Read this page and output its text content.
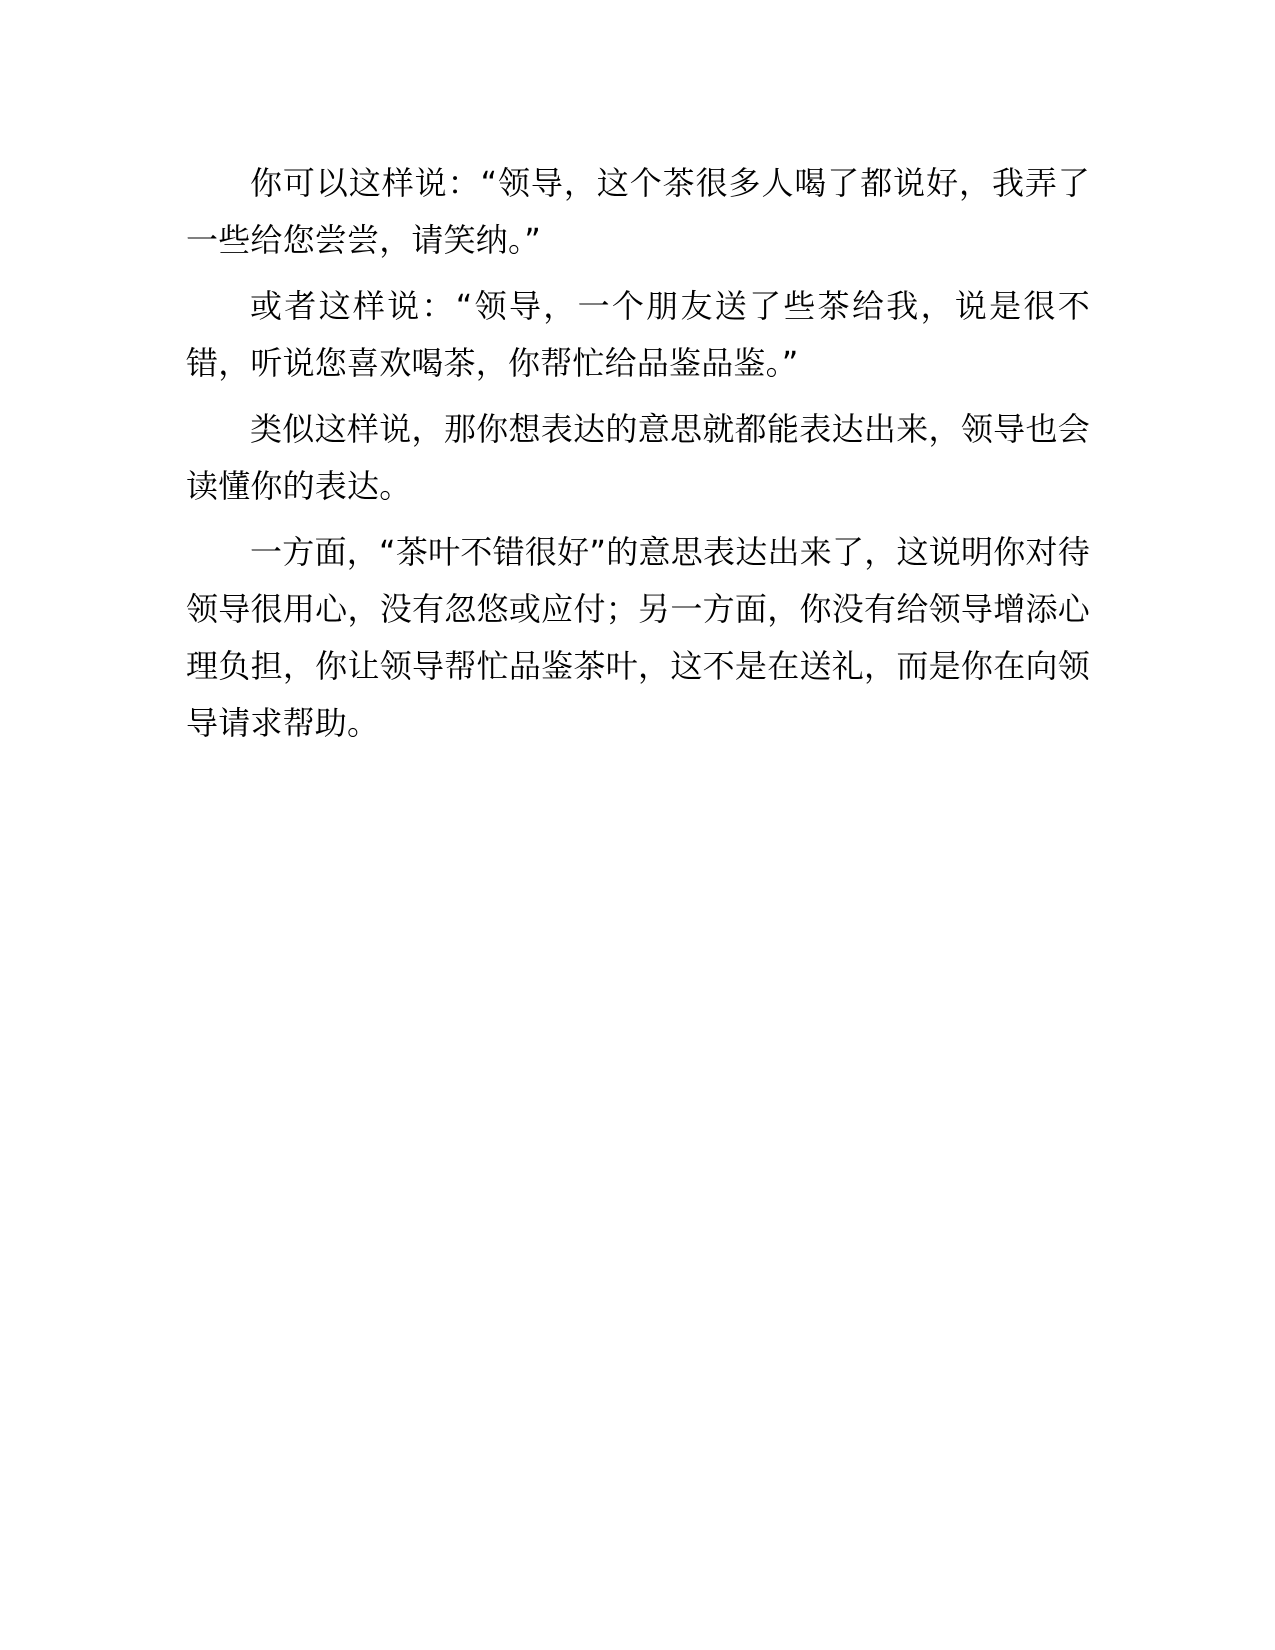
你可以这样说：“领导，这个茶很多人喝了都说好，我弄了一些给您尝尝，请笑纳。”

或者这样说：“领导，一个朋友送了些茶给我，说是很不错，听说您喜欢喝茶，你帮忙给品鉴品鉴。”

类似这样说，那你想表达的意思就都能表达出来，领导也会读懂你的表达。

一方面，“茶叶不错很好”的意思表达出来了，这说明你对待领导很用心，没有忽悠或应付；另一方面，你没有给领导增添心理负担，你让领导帮忙品鉴茶叶，这不是在送礼，而是你在向领导请求帮助。
